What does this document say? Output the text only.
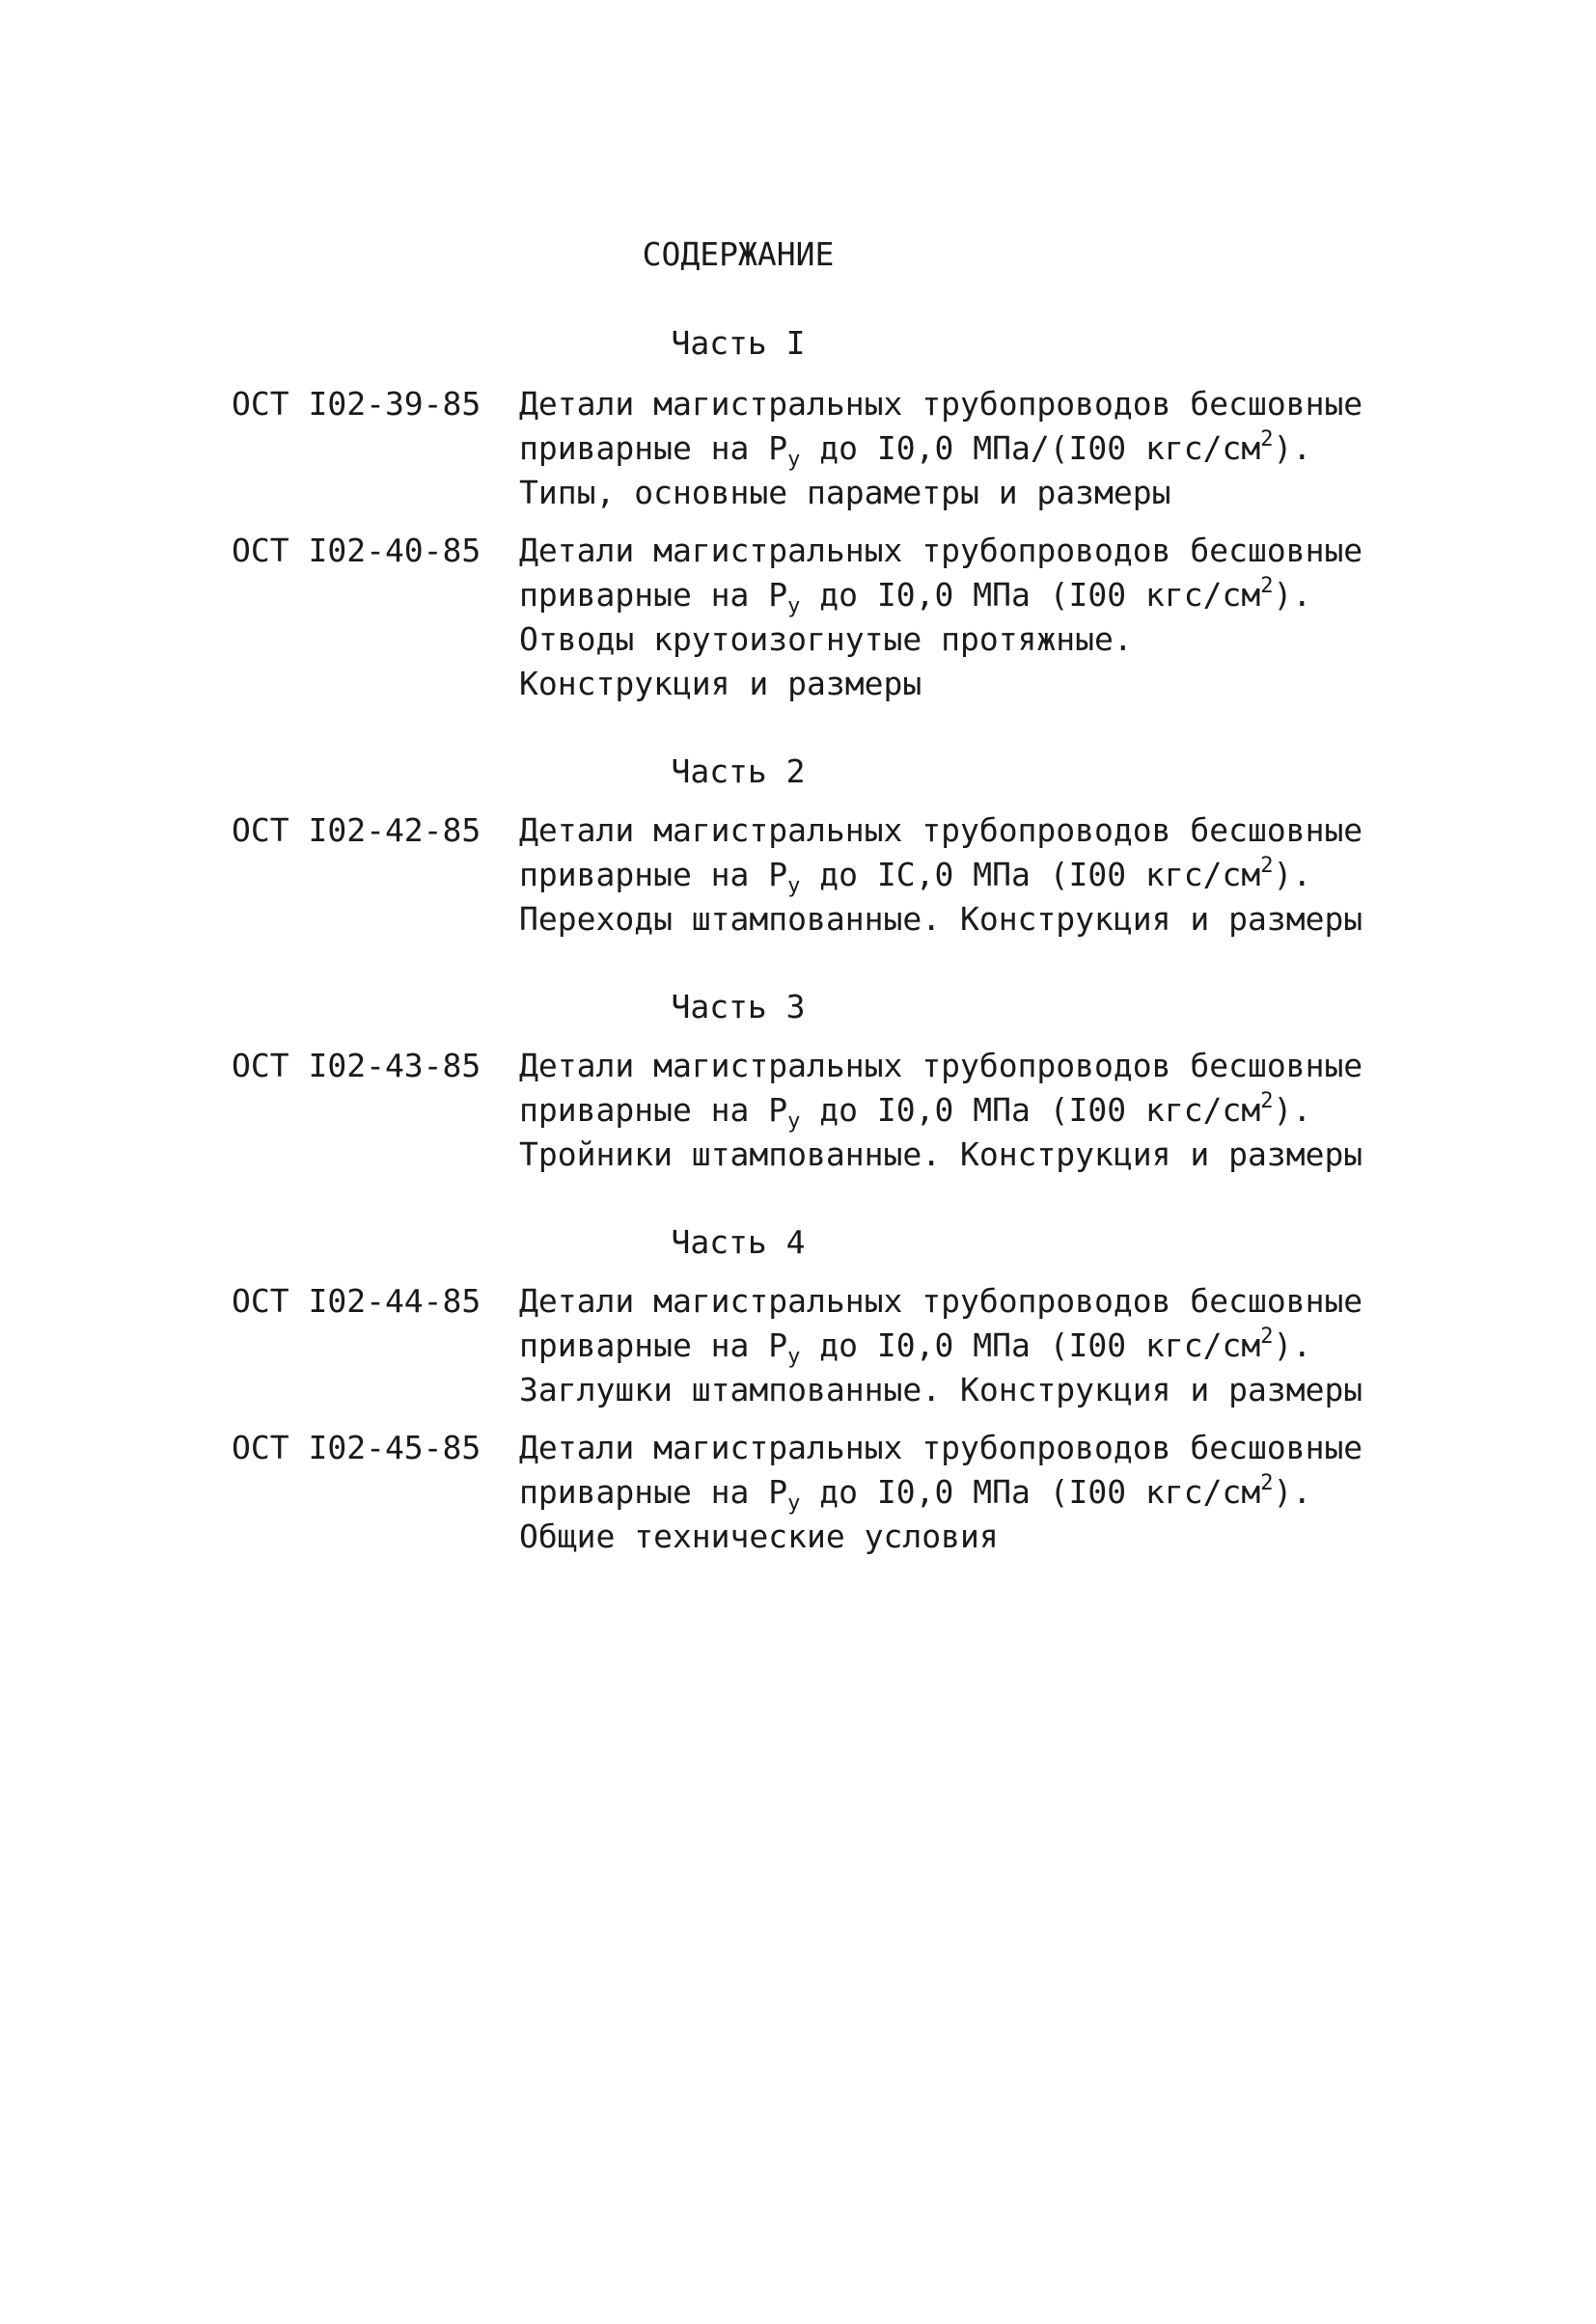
СОДЕРЖАНИЕ
Часть I
ОСТ I02-39-85 Детали магистральных трубопроводов бесшовные
приварные на $P_у$ до I0,0 МПа/(I00 кгс/$см^2$).
Типы, основные параметры и размеры
ОСТ I02-40-85 Детали магистральных трубопроводов бесшовные
приварные на $P_у$ до I0,0 МПа (I00 кгс/$см^2$).
Отводы крутоизогнутые протяжные.
Конструкция и размеры
Часть 2
ОСТ I02-42-85 Детали магистральных трубопроводов бесшовные
приварные на $P_у$ до IC,0 МПа (I00 кгс/$см^2$).
Переходы штампованные. Конструкция и размеры
Часть 3
ОСТ I02-43-85 Детали магистральных трубопроводов бесшовные
приварные на $P_у$ до I0,0 МПа (I00 кгс/$см^2$).
Тройники штампованные. Конструкция и размеры
Часть 4
ОСТ I02-44-85 Детали магистральных трубопроводов бесшовные
приварные на $P_у$ до I0,0 МПа (I00 кгс/$см^2$).
Заглушки штампованные. Конструкция и размеры
ОСТ I02-45-85 Детали магистральных трубопроводов бесшовные
приварные на $P_у$ до I0,0 МПа (I00 кгс/$см^2$).
Общие технические условия
